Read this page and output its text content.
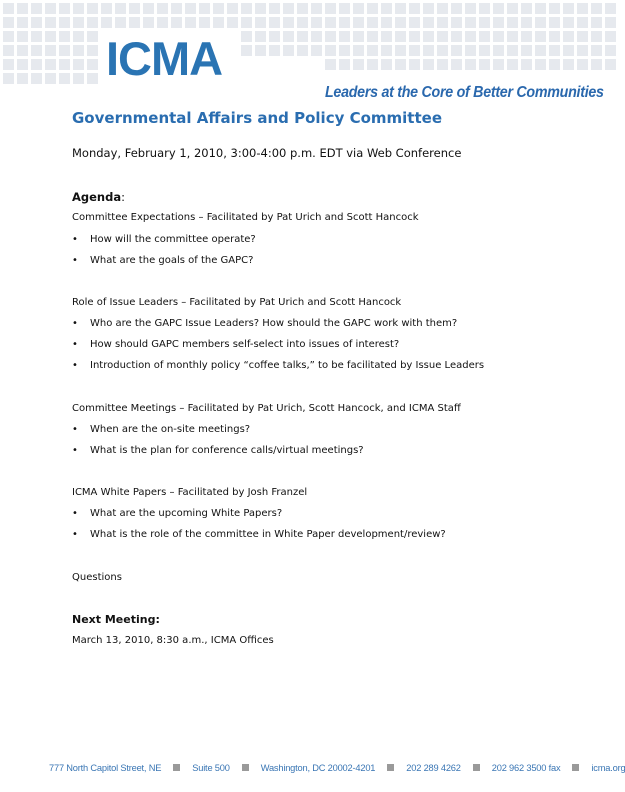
ICMA
Leaders at the Core of Better Communities
Governmental Affairs and Policy Committee
Monday, February 1, 2010, 3:00-4:00 p.m. EDT via Web Conference
Agenda:
Committee Expectations – Facilitated by Pat Urich and Scott Hancock
• How will the committee operate?
• What are the goals of the GAPC?
Role of Issue Leaders – Facilitated by Pat Urich and Scott Hancock
• Who are the GAPC Issue Leaders? How should the GAPC work with them?
• How should GAPC members self-select into issues of interest?
• Introduction of monthly policy “coffee talks,” to be facilitated by Issue Leaders
Committee Meetings – Facilitated by Pat Urich, Scott Hancock, and ICMA Staff
• When are the on-site meetings?
• What is the plan for conference calls/virtual meetings?
ICMA White Papers – Facilitated by Josh Franzel
• What are the upcoming White Papers?
• What is the role of the committee in White Paper development/review?
Questions
Next Meeting:
March 13, 2010, 8:30 a.m., ICMA Offices
777 North Capitol Street, NE	Suite 500	Washington, DC 20002-4201	202 289 4262	202 962 3500 fax	icma.org
